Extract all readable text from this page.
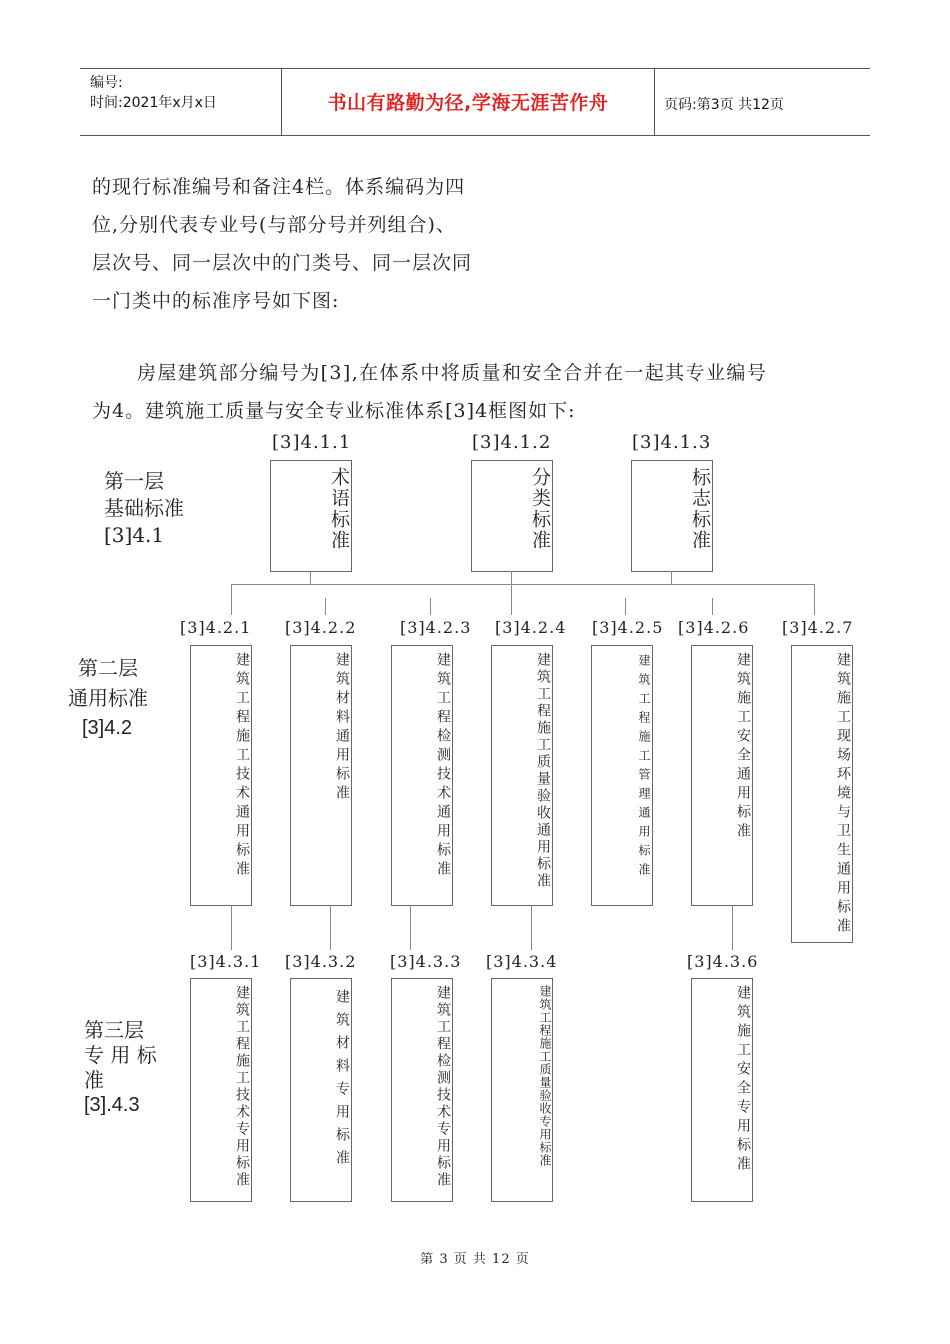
编号:
时间:2021年x月x日	书山有路勤为径,学海无涯苦作舟	页码:第3页 共12页
的现行标准编号和备注4栏。体系编码为四
位,分别代表专业号(与部分号并列组合)、
层次号、同一层次中的门类号、同一层次同
一门类中的标准序号如下图:
房屋建筑部分编号为[3],在体系中将质量和安全合并在一起其专业编号
为4。建筑施工质量与安全专业标准体系[3]4框图如下:
第一层
基础标准
[3]4.1
第二层
通用标准
[3]4.2
第三层
专 用 标
准
[3].4.3
[3]4.1.1	[3]4.1.2	[3]4.1.3
术语标准	分类标准	标志标准
[3]4.2.1 [3]4.2.2	[3]4.2.3 [3]4.2.4 [3]4.2.5 [3]4.2.6 [3]4.2.7
建筑工程施工技术通用标准	建筑材料通用标准	建筑工程检测技术通用标准	建筑工程施工质量验收通用标准	建筑工程施工管理通用标准	建筑施工安全通用标准	建筑施工现场环境与卫生通用标准
[3]4.3.1 [3]4.3.2 [3]4.3.3 [3]4.3.4	[3]4.3.6
建筑工程施工技术专用标准	建筑材料专用标准	建筑工程检测技术专用标准	建筑工程施工质量验收专用标准	建筑施工安全专用标准
第 3 页 共 12 页
